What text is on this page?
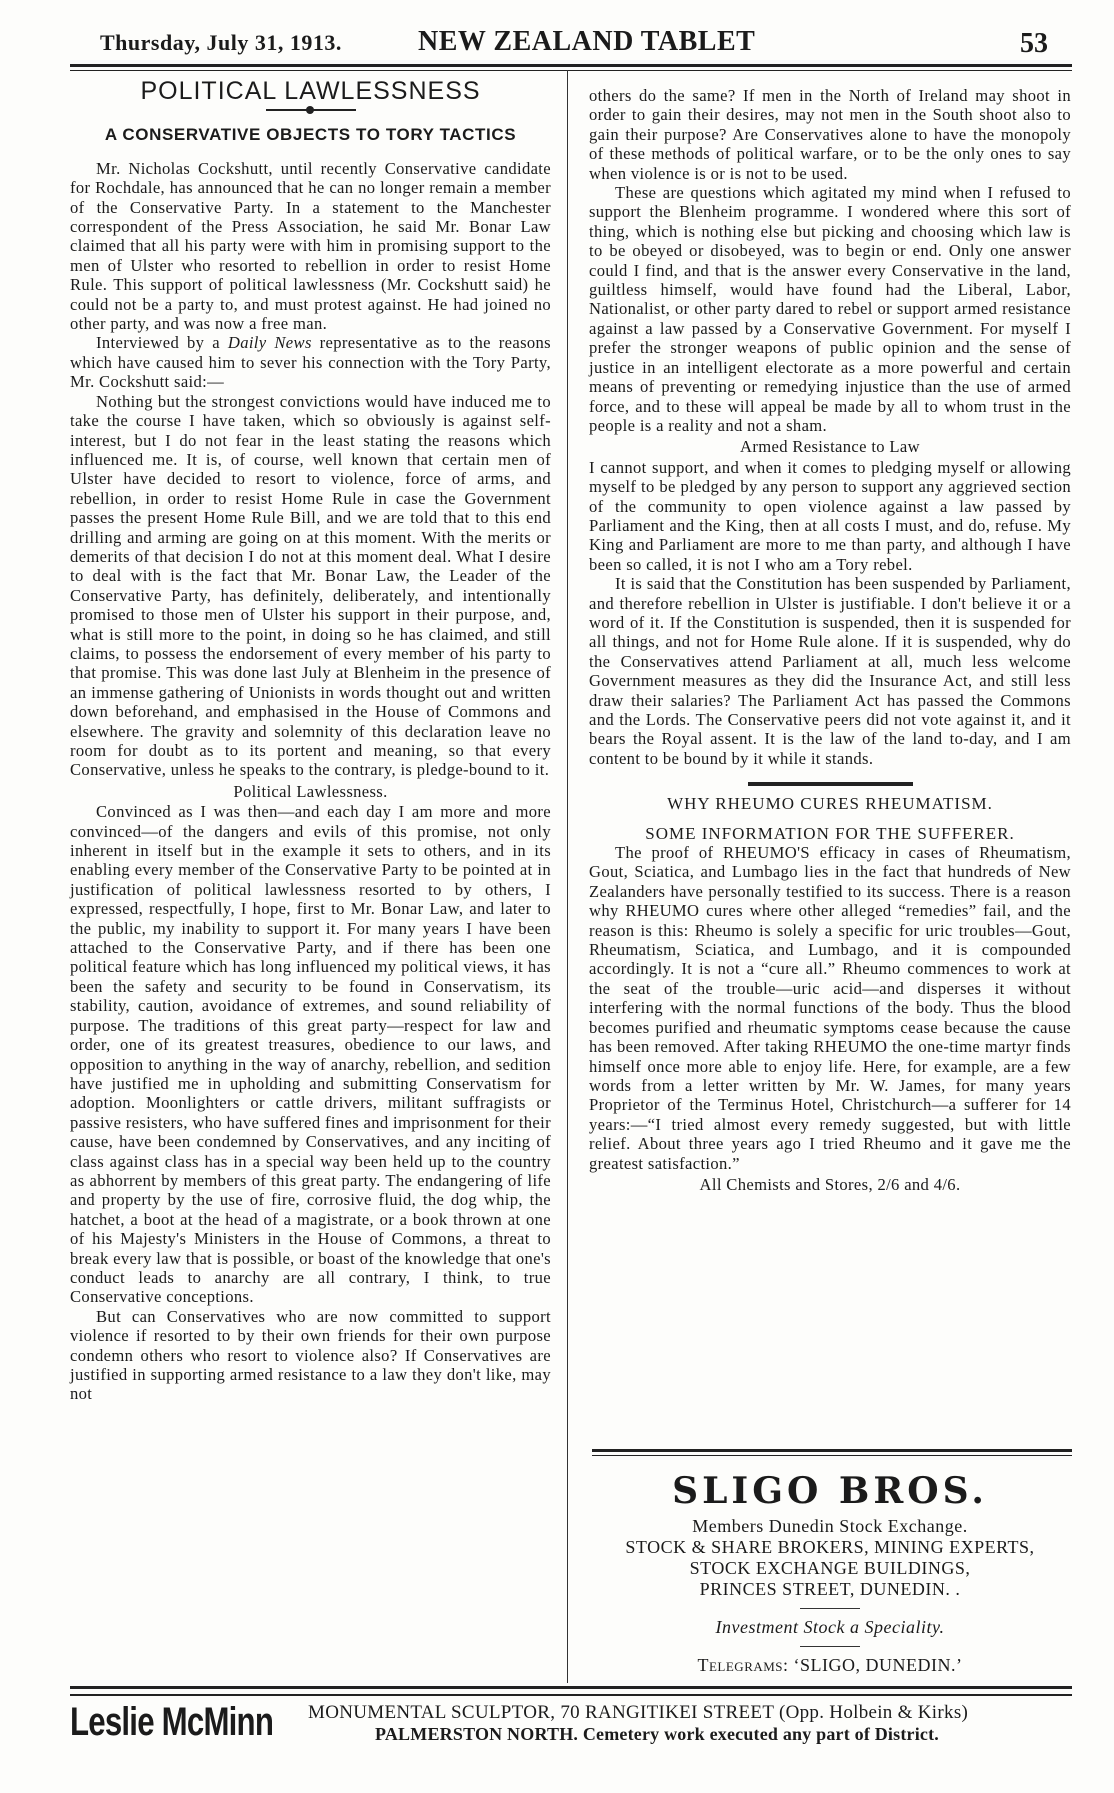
Thursday, July 31, 1913.	NEW ZEALAND TABLET	53
POLITICAL LAWLESSNESS
A CONSERVATIVE OBJECTS TO TORY TACTICS

Mr. Nicholas Cockshutt, until recently Conservative candidate for Rochdale, has announced that he can no longer remain a member of the Conservative Party. In a statement to the Manchester correspondent of the Press Association, he said Mr. Bonar Law claimed that all his party were with him in promising support to the men of Ulster who resorted to rebellion in order to resist Home Rule. This support of political lawlessness (Mr. Cockshutt said) he could not be a party to, and must protest against. He had joined no other party, and was now a free man.

Interviewed by a Daily News representative as to the reasons which have caused him to sever his connection with the Tory Party, Mr. Cockshutt said:—

Nothing but the strongest convictions would have induced me to take the course I have taken, which so obviously is against self-interest, but I do not fear in the least stating the reasons which influenced me. It is, of course, well known that certain men of Ulster have decided to resort to violence, force of arms, and rebellion, in order to resist Home Rule in case the Government passes the present Home Rule Bill, and we are told that to this end drilling and arming are going on at this moment. With the merits or demerits of that decision I do not at this moment deal. What I desire to deal with is the fact that Mr. Bonar Law, the Leader of the Conservative Party, has definitely, deliberately, and intentionally promised to those men of Ulster his support in their purpose, and, what is still more to the point, in doing so he has claimed, and still claims, to possess the endorsement of every member of his party to that promise. This was done last July at Blenheim in the presence of an immense gathering of Unionists in words thought out and written down beforehand, and emphasised in the House of Commons and elsewhere. The gravity and solemnity of this declaration leave no room for doubt as to its portent and meaning, so that every Conservative, unless he speaks to the contrary, is pledge-bound to it.

Political Lawlessness.

Convinced as I was then—and each day I am more and more convinced—of the dangers and evils of this promise, not only inherent in itself but in the example it sets to others, and in its enabling every member of the Conservative Party to be pointed at in justification of political lawlessness resorted to by others, I expressed, respectfully, I hope, first to Mr. Bonar Law, and later to the public, my inability to support it. For many years I have been attached to the Conservative Party, and if there has been one political feature which has long influenced my political views, it has been the safety and security to be found in Conservatism, its stability, caution, avoidance of extremes, and sound reliability of purpose. The traditions of this great party—respect for law and order, one of its greatest treasures, obedience to our laws, and opposition to anything in the way of anarchy, rebellion, and sedition have justified me in upholding and submitting Conservatism for adoption. Moonlighters or cattle drivers, militant suffragists or passive resisters, who have suffered fines and imprisonment for their cause, have been condemned by Conservatives, and any inciting of class against class has in a special way been held up to the country as abhorrent by members of this great party. The endangering of life and property by the use of fire, corrosive fluid, the dog whip, the hatchet, a boot at the head of a magistrate, or a book thrown at one of his Majesty's Ministers in the House of Commons, a threat to break every law that is possible, or boast of the knowledge that one's conduct leads to anarchy are all contrary, I think, to true Conservative conceptions.

But can Conservatives who are now committed to support violence if resorted to by their own friends for their own purpose condemn others who resort to violence also? If Conservatives are justified in supporting armed resistance to a law they don't like, may not

others do the same? If men in the North of Ireland may shoot in order to gain their desires, may not men in the South shoot also to gain their purpose? Are Conservatives alone to have the monopoly of these methods of political warfare, or to be the only ones to say when violence is or is not to be used.

These are questions which agitated my mind when I refused to support the Blenheim programme. I wondered where this sort of thing, which is nothing else but picking and choosing which law is to be obeyed or disobeyed, was to begin or end. Only one answer could I find, and that is the answer every Conservative in the land, guiltless himself, would have found had the Liberal, Labor, Nationalist, or other party dared to rebel or support armed resistance against a law passed by a Conservative Government. For myself I prefer the stronger weapons of public opinion and the sense of justice in an intelligent electorate as a more powerful and certain means of preventing or remedying injustice than the use of armed force, and to these will appeal be made by all to whom trust in the people is a reality and not a sham.

Armed Resistance to Law

I cannot support, and when it comes to pledging myself or allowing myself to be pledged by any person to support any aggrieved section of the community to open violence against a law passed by Parliament and the King, then at all costs I must, and do, refuse. My King and Parliament are more to me than party, and although I have been so called, it is not I who am a Tory rebel.

It is said that the Constitution has been suspended by Parliament, and therefore rebellion in Ulster is justifiable. I don't believe it or a word of it. If the Constitution is suspended, then it is suspended for all things, and not for Home Rule alone. If it is suspended, why do the Conservatives attend Parliament at all, much less welcome Government measures as they did the Insurance Act, and still less draw their salaries? The Parliament Act has passed the Commons and the Lords. The Conservative peers did not vote against it, and it bears the Royal assent. It is the law of the land to-day, and I am content to be bound by it while it stands.

WHY RHEUMO CURES RHEUMATISM.
SOME INFORMATION FOR THE SUFFERER.

The proof of RHEUMO'S efficacy in cases of Rheumatism, Gout, Sciatica, and Lumbago lies in the fact that hundreds of New Zealanders have personally testified to its success. There is a reason why RHEUMO cures where other alleged “remedies” fail, and the reason is this: Rheumo is solely a specific for uric troubles—Gout, Rheumatism, Sciatica, and Lumbago, and it is compounded accordingly. It is not a “cure all.” Rheumo commences to work at the seat of the trouble—uric acid—and disperses it without interfering with the normal functions of the body. Thus the blood becomes purified and rheumatic symptoms cease because the cause has been removed. After taking RHEUMO the one-time martyr finds himself once more able to enjoy life. Here, for example, are a few words from a letter written by Mr. W. James, for many years Proprietor of the Terminus Hotel, Christchurch—a sufferer for 14 years:—“I tried almost every remedy suggested, but with little relief. About three years ago I tried Rheumo and it gave me the greatest satisfaction.”

All Chemists and Stores, 2/6 and 4/6.
SLIGO BROS.
Members Dunedin Stock Exchange.
STOCK & SHARE BROKERS, MINING EXPERTS,
STOCK EXCHANGE BUILDINGS,
PRINCES STREET, DUNEDIN. .
Investment Stock a Speciality.
Telegrams: ‘SLIGO, DUNEDIN.’
Leslie McMinn MONUMENTAL SCULPTOR, 70 RANGITIKEI STREET (Opp. Holbein & Kirks)
PALMERSTON NORTH. Cemetery work executed any part of District.
